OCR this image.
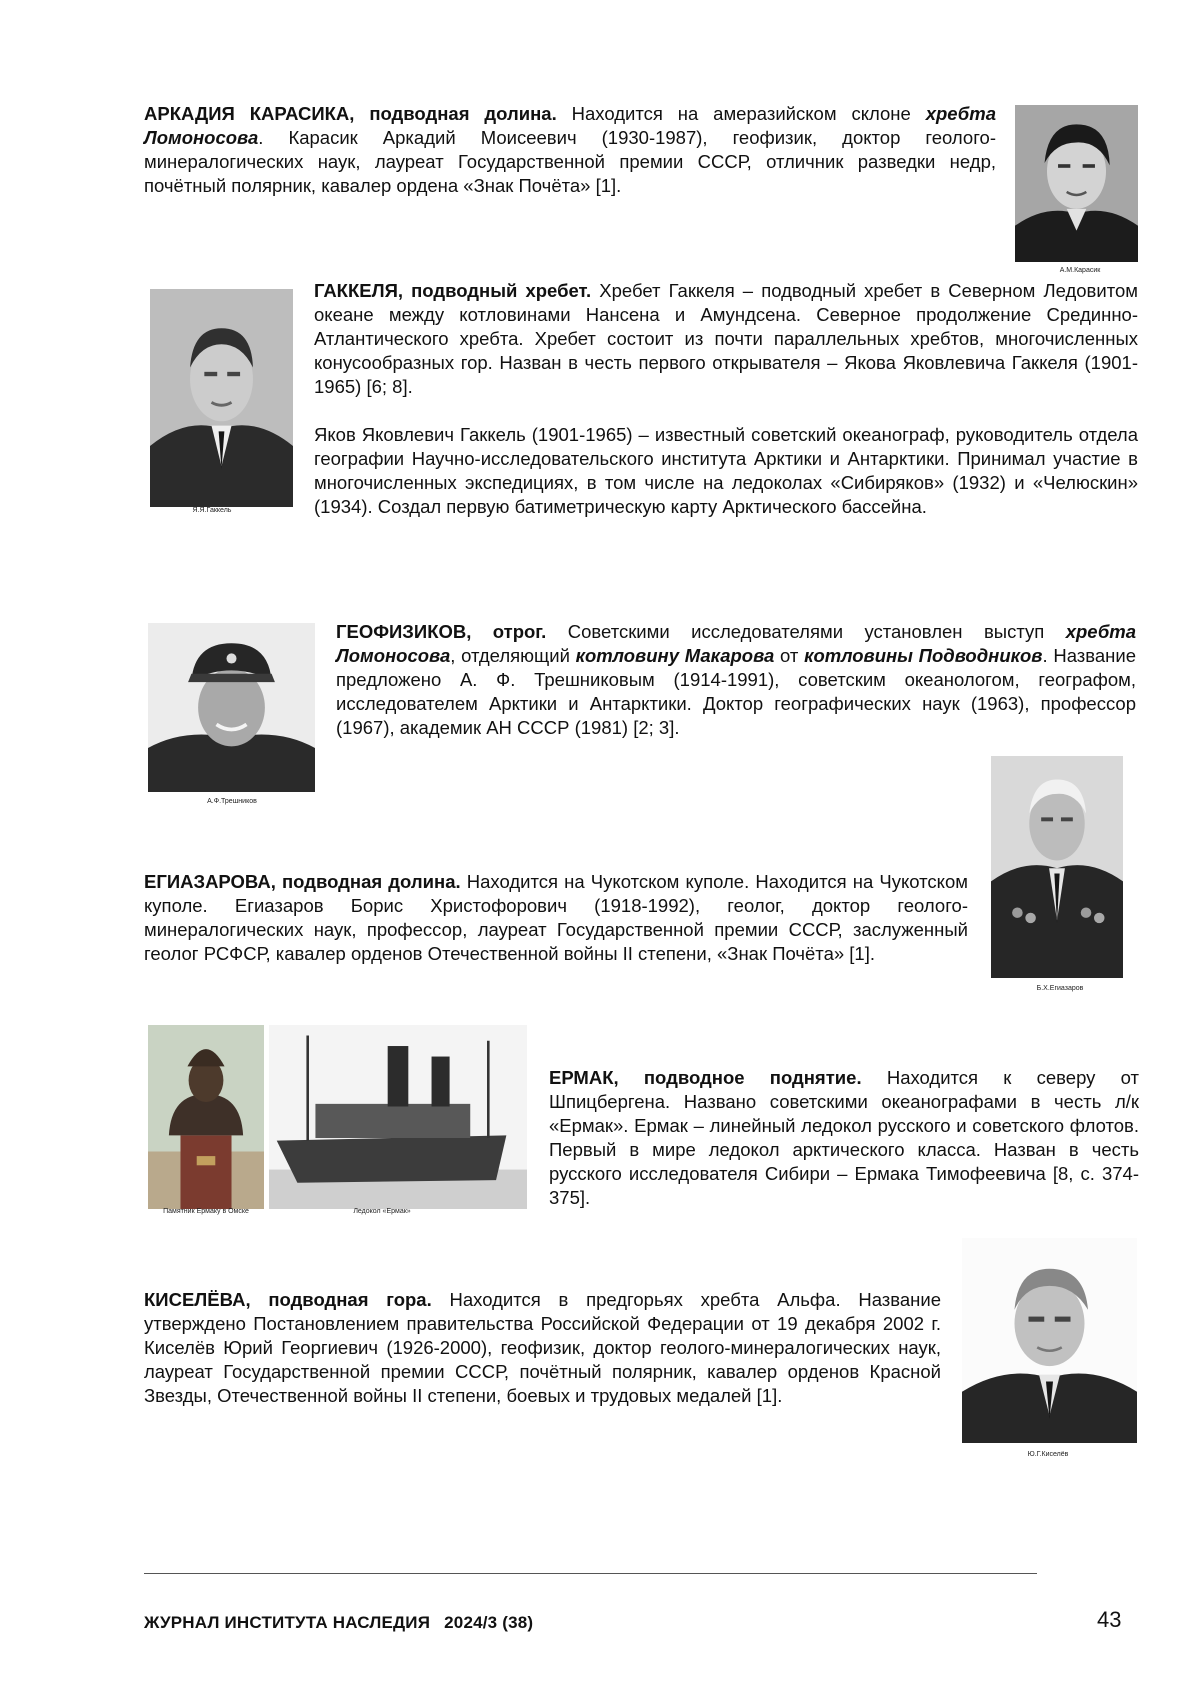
АРКАДИЯ КАРАСИКА, подводная долина. Находится на амеразийском склоне хребта Ломоносова. Карасик Аркадий Моисеевич (1930-1987), геофизик, доктор геолого-минералогических наук, лауреат Государственной премии СССР, отличник разведки недр, почётный полярник, кавалер ордена «Знак Почёта» [1].

А.М.Карасик
Я.Я.Гаккель

ГАККЕЛЯ, подводный хребет. Хребет Гаккеля – подводный хребет в Северном Ледовитом океане между котловинами Нансена и Амундсена. Северное продолжение Срединно-Атлантического хребта. Хребет состоит из почти параллельных хребтов, многочисленных конусообразных гор. Назван в честь первого открывателя – Якова Яковлевича Гаккеля (1901-1965) [6; 8].

Яков Яковлевич Гаккель (1901-1965) – известный советский океанограф, руководитель отдела географии Научно-исследовательского института Арктики и Антарктики. Принимал участие в многочисленных экспедициях, в том числе на ледоколах «Сибиряков» (1932) и «Челюскин» (1934). Создал первую батиметрическую карту Арктического бассейна.

А.Ф.Трешников

ГЕОФИЗИКОВ, отрог. Советскими исследователями установлен выступ хребта Ломоносова, отделяющий котловину Макарова от котловины Подводников. Название предложено А. Ф. Трешниковым (1914-1991), советским океанологом, географом, исследователем Арктики и Антарктики. Доктор географических наук (1963), профессор (1967), академик АН СССР (1981) [2; 3].

Б.Х.Егиазаров

ЕГИАЗАРОВА, подводная долина. Находится на Чукотском куполе. Находится на Чукотском куполе. Егиазаров Борис Христофорович (1918-1992), геолог, доктор геолого-минералогических наук, профессор, лауреат Государственной премии СССР, заслуженный геолог РСФСР, кавалер орденов Отечественной войны II степени, «Знак Почёта» [1].

Памятник Ермаку в Омске	Ледокол «Ермак»

ЕРМАК, подводное поднятие. Находится к северу от Шпицбергена. Названо советскими океанографами в честь л/к «Ермак». Ермак – линейный ледокол русского и советского флотов. Первый в мире ледокол арктического класса. Назван в честь русского исследователя Сибири – Ермака Тимофеевича [8, с. 374-375].

КИСЕЛЁВА, подводная гора. Находится в предгорьях хребта Альфа. Название утверждено Постановлением правительства Российской Федерации от 19 декабря 2002 г. Киселёв Юрий Георгиевич (1926-2000), геофизик, доктор геолого-минералогических наук, лауреат Государственной премии СССР, почётный полярник, кавалер орденов Красной Звезды, Отечественной войны II степени, боевых и трудовых медалей [1].

Ю.Г.Киселёв
ЖУРНАЛ ИНСТИТУТА НАСЛЕДИЯ 2024/3 (38)	43
